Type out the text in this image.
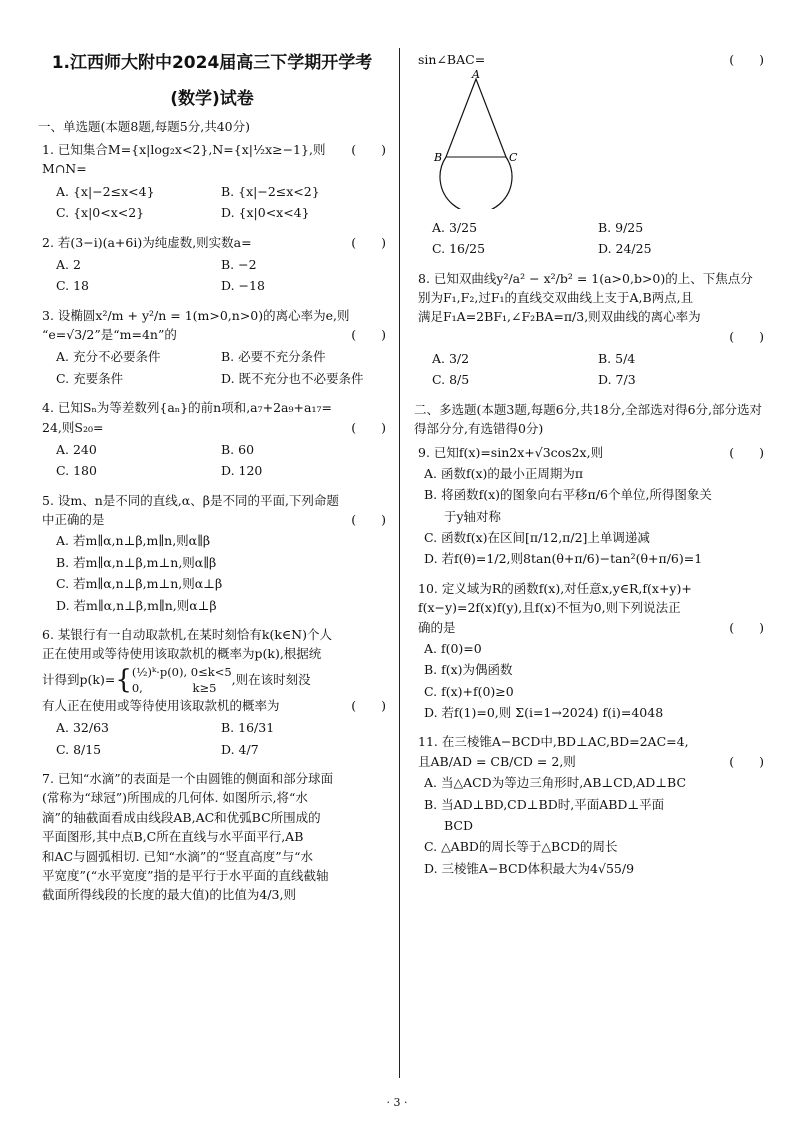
1.江西师大附中2024届高三下学期开学考
(数学)试卷
一、单选题(本题8题,每题5分,共40分)
1. 已知集合M={x|log₂x<2},N={x|½x≥−1},则M∩N=
(　　)
A. {x|−2≤x<4}	B. {x|−2≤x<2}
C. {x|0<x<2}	D. {x|0<x<4}
2. 若(3−i)(a+6i)为纯虚数,则实数a=	(　　)
A. 2	B. −2
C. 18	D. −18
3. 设椭圆x²/m + y²/n = 1(m>0,n>0)的离心率为e,则
“e=√3/2”是“m=4n”的	(　　)
A. 充分不必要条件	B. 必要不充分条件
C. 充要条件	D. 既不充分也不必要条件
4. 已知Sₙ为等差数列{aₙ}的前n项和,a₇+2a₉+a₁₇=
24,则S₂₀=	(　　)
A. 240	B. 60
C. 180	D. 120
5. 设m、n是不同的直线,α、β是不同的平面,下列命题
中正确的是	(　　)
A. 若m∥α,n⊥β,m∥n,则α∥β
B. 若m∥α,n⊥β,m⊥n,则α∥β
C. 若m∥α,n⊥β,m⊥n,则α⊥β
D. 若m∥α,n⊥β,m∥n,则α⊥β
6. 某银行有一自动取款机,在某时刻恰有k(k∈N)个人
正在使用或等待使用该取款机的概率为p(k),根据统
计得到p(k)= { (½)ᵏ·p(0), 0≤k<5
0,　　　　 k≥5
,则在该时刻没
有人正在使用或等待使用该取款机的概率为	(　　)
A. 32/63	B. 16/31
C. 8/15	D. 4/7
7. 已知“水滴”的表面是一个由圆锥的侧面和部分球面
(常称为“球冠”)所围成的几何体. 如图所示,将“水
滴”的轴截面看成由线段AB,AC和优弧BC所围成的
平面图形,其中点B,C所在直线与水平面平行,AB
和AC与圆弧相切. 已知“水滴”的“竖直高度”与“水
平宽度”(“水平宽度”指的是平行于水平面的直线截轴
截面所得线段的长度的最大值)的比值为4/3,则
sin∠BAC=	(　　)
A
B	C
A. 3/25	B. 9/25
C. 16/25	D. 24/25
8. 已知双曲线y²/a² − x²/b² = 1(a>0,b>0)的上、下焦点分
别为F₁,F₂,过F₁的直线交双曲线上支于A,B两点,且
满足F₁A=2BF₁,∠F₂BA=π/3,则双曲线的离心率为
(　　)
A. 3/2	B. 5/4
C. 8/5	D. 7/3
二、多选题(本题3题,每题6分,共18分,全部选对得6分,部分选对得部分分,有选错得0分)
9. 已知f(x)=sin2x+√3cos2x,则	(　　)
A. 函数f(x)的最小正周期为π
B. 将函数f(x)的图象向右平移π/6个单位,所得图象关
于y轴对称
C. 函数f(x)在区间[π/12,π/2]上单调递减
D. 若f(θ)=1/2,则8tan(θ+π/6)−tan²(θ+π/6)=1
10. 定义域为R的函数f(x),对任意x,y∈R,f(x+y)+
f(x−y)=2f(x)f(y),且f(x)不恒为0,则下列说法正
确的是	(　　)
A. f(0)=0
B. f(x)为偶函数
C. f(x)+f(0)≥0
D. 若f(1)=0,则 Σ(i=1→2024) f(i)=4048
11. 在三棱锥A−BCD中,BD⊥AC,BD=2AC=4,
且AB/AD = CB/CD = 2,则	(　　)
A. 当△ACD为等边三角形时,AB⊥CD,AD⊥BC
B. 当AD⊥BD,CD⊥BD时,平面ABD⊥平面
BCD
C. △ABD的周长等于△BCD的周长
D. 三棱锥A−BCD体积最大为4√55/9
· 3 ·
